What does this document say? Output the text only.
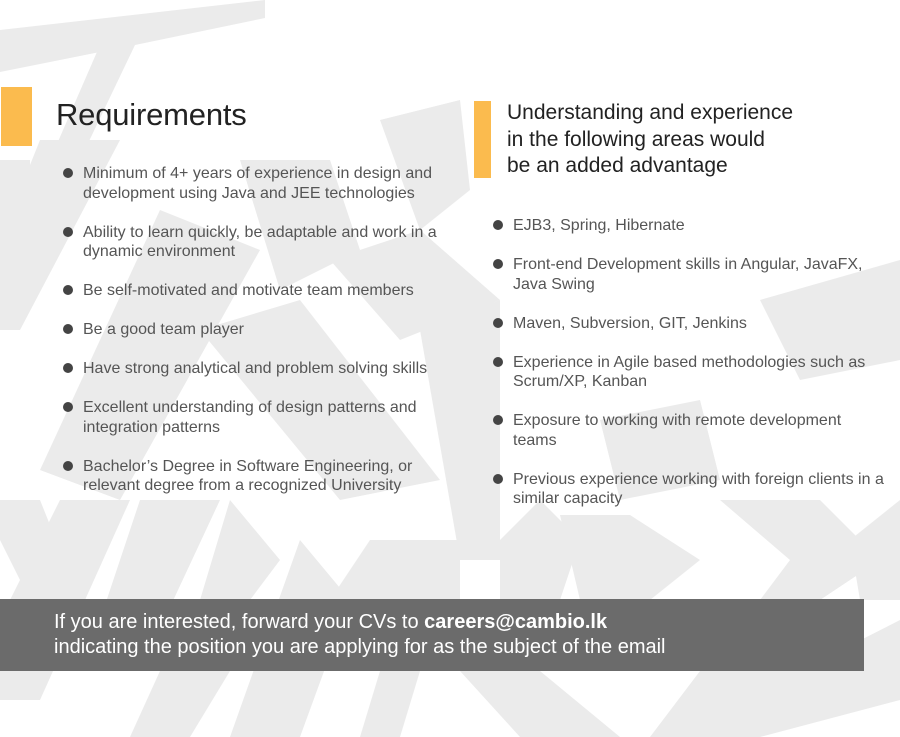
Requirements
Minimum of 4+ years of experience in design and development using Java and JEE technologies
Ability to learn quickly, be adaptable and work in a dynamic environment
Be self-motivated and motivate team members
Be a good team player
Have strong analytical and problem solving skills
Excellent understanding of design patterns and integration patterns
Bachelor’s Degree in Software Engineering, or relevant degree from a recognized University
Understanding and experience
in the following areas would
be an added advantage
EJB3, Spring, Hibernate
Front-end Development skills in Angular, JavaFX, Java Swing
Maven, Subversion, GIT, Jenkins
Experience in Agile based methodologies such as Scrum/XP, Kanban
Exposure to working with remote development teams
Previous experience working with foreign clients in a similar capacity
If you are interested, forward your CVs to careers@cambio.lk
indicating the position you are applying for as the subject of the email
